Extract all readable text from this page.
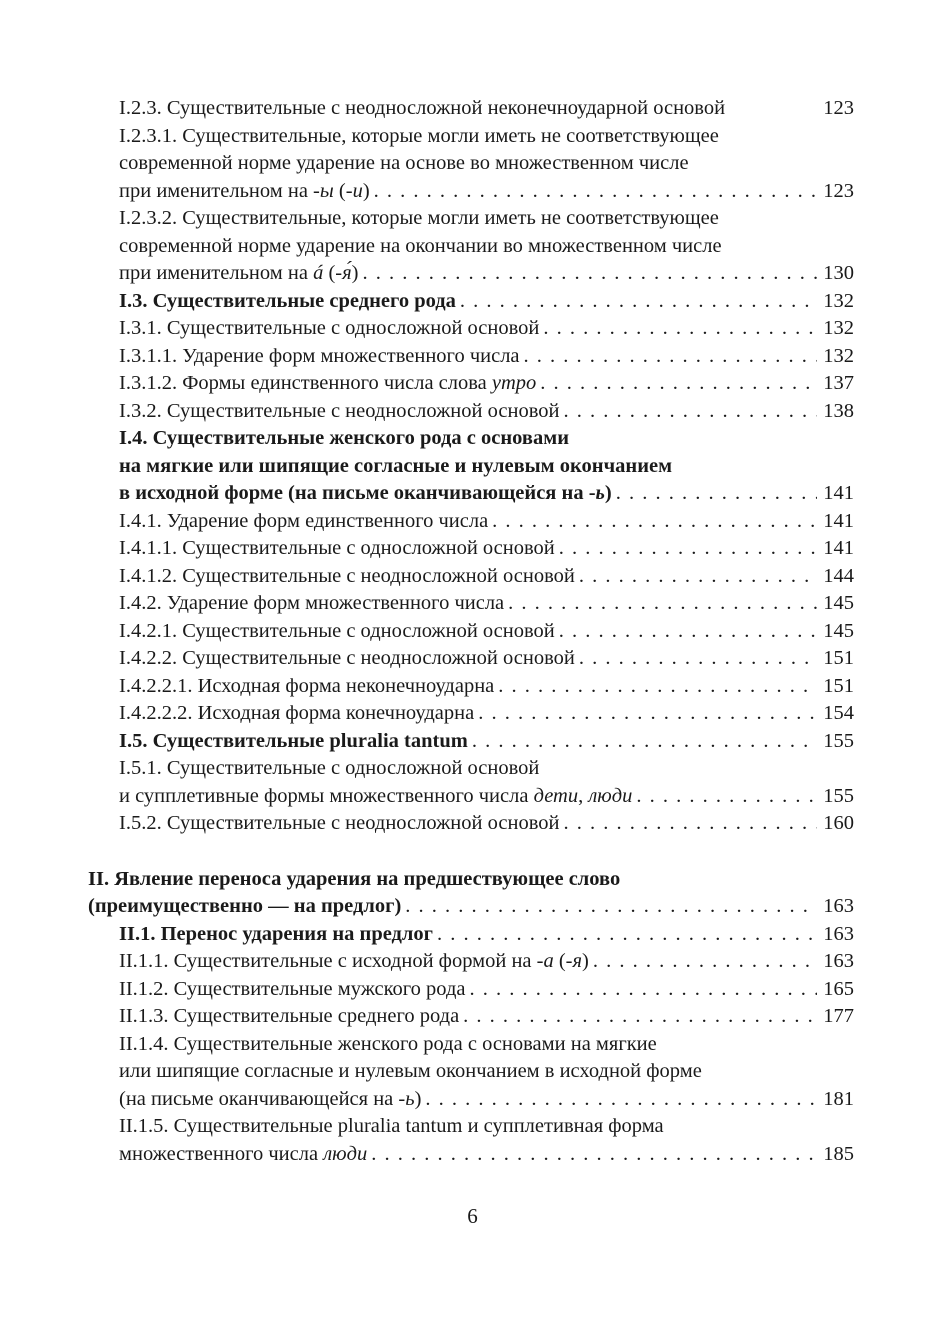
I.2.3. Существительные с неодносложной неконечноударной основой	123
I.2.3.1. Существительные, которые могли иметь не соответствующее
современной норме ударение на основе во множественном числе
при именительном на -ы (-и) . . .	123
I.2.3.2. Существительные, которые могли иметь не соответствующее
современной норме ударение на окончании во множественном числе
при именительном на á (-я́) . . .	130
I.3. Существительные среднего рода . . .	132
I.3.1. Существительные с односложной основой . . .	132
I.3.1.1. Ударение форм множественного числа . . .	132
I.3.1.2. Формы единственного числа слова утро . . .	137
I.3.2. Существительные с неодносложной основой . . .	138
I.4. Существительные женского рода с основами
на мягкие или шипящие согласные и нулевым окончанием
в исходной форме (на письме оканчивающейся на -ь) . . .	141
I.4.1. Ударение форм единственного числа . . .	141
I.4.1.1. Существительные с односложной основой . . .	141
I.4.1.2. Существительные с неодносложной основой . . .	144
I.4.2. Ударение форм множественного числа . . .	145
I.4.2.1. Существительные с односложной основой . . .	145
I.4.2.2. Существительные с неодносложной основой . . .	151
I.4.2.2.1. Исходная форма неконечноударна . . .	151
I.4.2.2.2. Исходная форма конечноударна . . .	154
I.5. Существительные pluralia tantum . . .	155
I.5.1. Существительные с односложной основой
и супплетивные формы множественного числа дети, люди . . .	155
I.5.2. Существительные с неодносложной основой . . .	160
II. Явление переноса ударения на предшествующее слово
(преимущественно — на предлог) . . .	163
II.1. Перенос ударения на предлог . . .	163
II.1.1. Существительные с исходной формой на -а (-я) . . .	163
II.1.2. Существительные мужского рода . . .	165
II.1.3. Существительные среднего рода . . .	177
II.1.4. Существительные женского рода с основами на мягкие
или шипящие согласные и нулевым окончанием в исходной форме
(на письме оканчивающейся на -ь) . . .	181
II.1.5. Существительные pluralia tantum и супплетивная форма
множественного числа люди . . .	185
6
